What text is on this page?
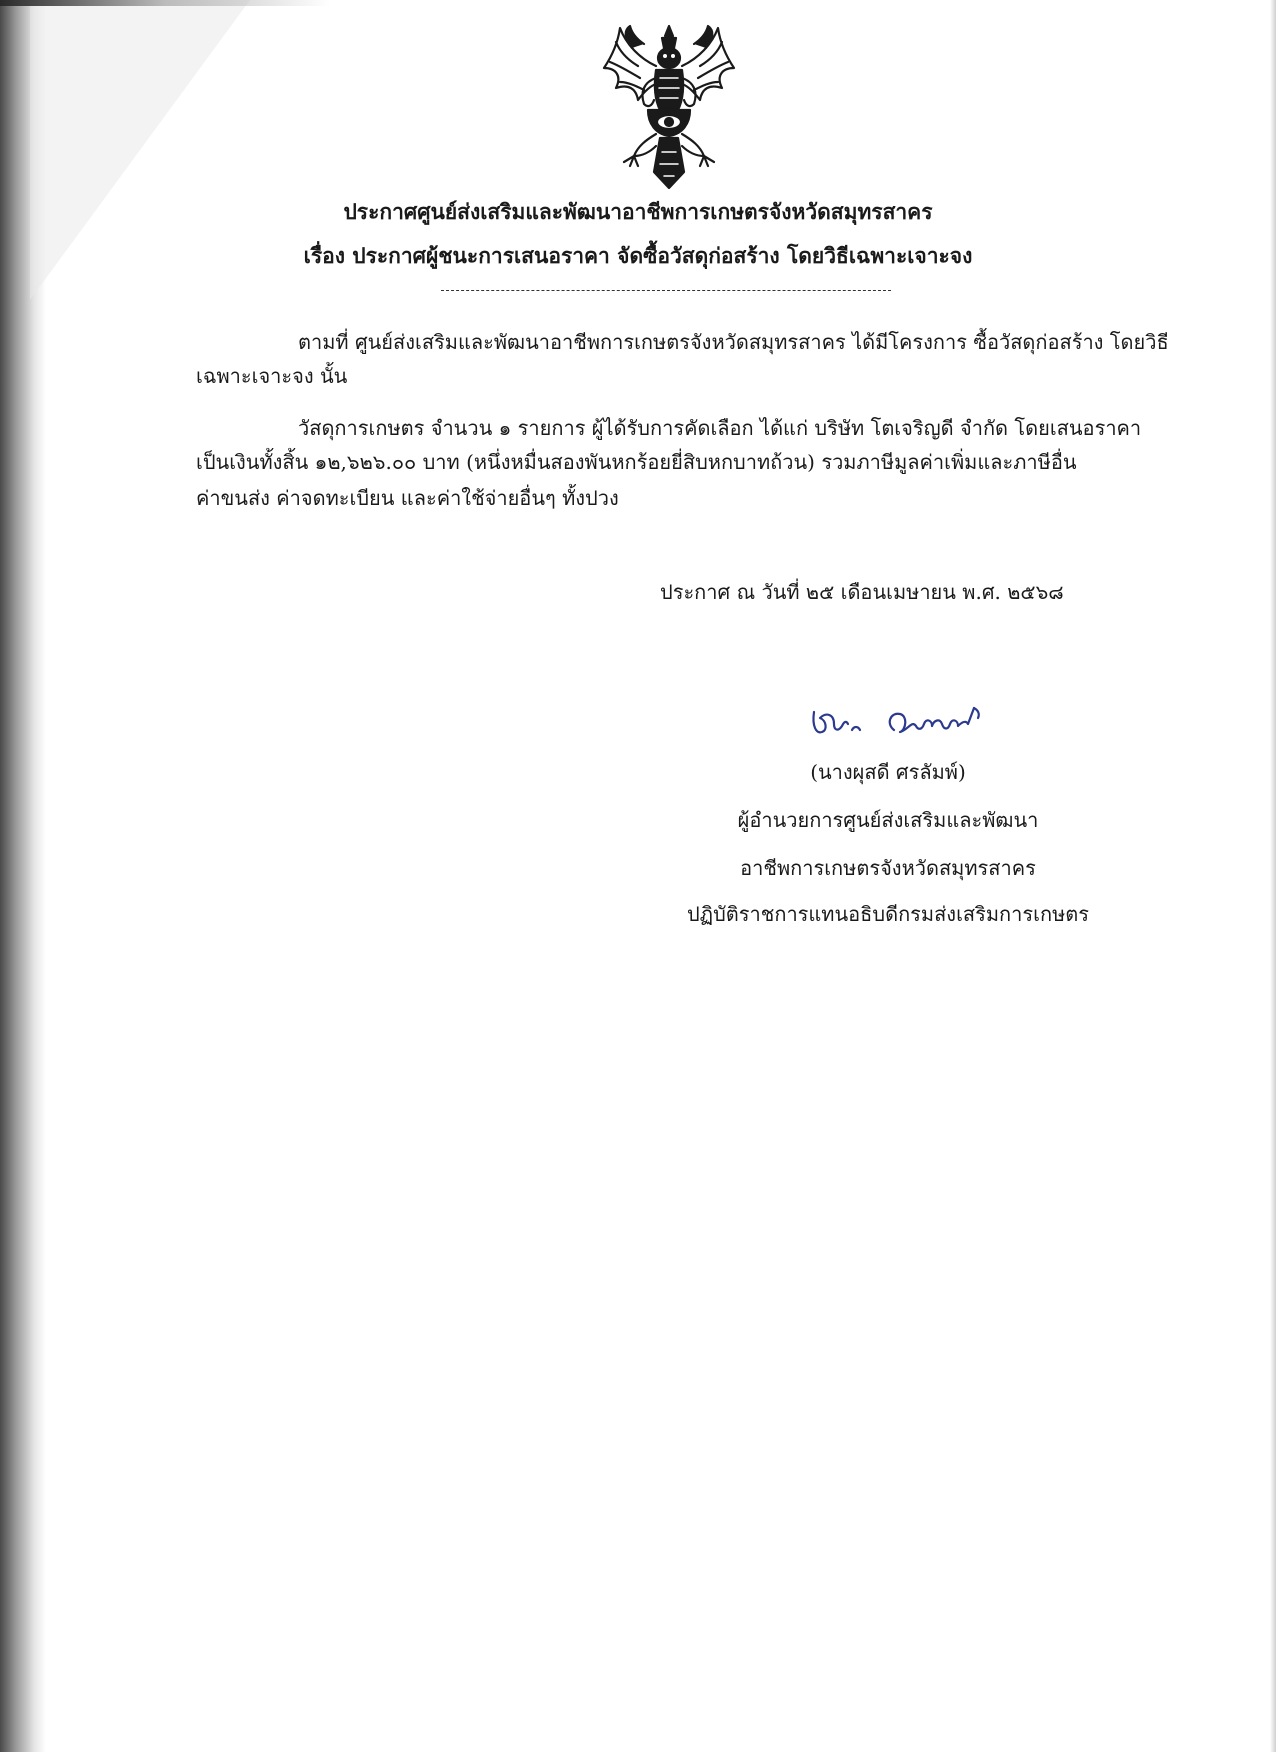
ประกาศศูนย์ส่งเสริมและพัฒนาอาชีพการเกษตรจังหวัดสมุทรสาคร
เรื่อง ประกาศผู้ชนะการเสนอราคา จัดซื้อวัสดุก่อสร้าง โดยวิธีเฉพาะเจาะจง
ตามที่ ศูนย์ส่งเสริมและพัฒนาอาชีพการเกษตรจังหวัดสมุทรสาคร ได้มีโครงการ ซื้อวัสดุก่อสร้าง โดยวิธี
เฉพาะเจาะจง นั้น
วัสดุการเกษตร จำนวน ๑ รายการ ผู้ได้รับการคัดเลือก ได้แก่ บริษัท โตเจริญดี จำกัด โดยเสนอราคา
เป็นเงินทั้งสิ้น ๑๒,๖๒๖.๐๐ บาท (หนึ่งหมื่นสองพันหกร้อยยี่สิบหกบาทถ้วน) รวมภาษีมูลค่าเพิ่มและภาษีอื่น
ค่าขนส่ง ค่าจดทะเบียน และค่าใช้จ่ายอื่นๆ ทั้งปวง
ประกาศ ณ วันที่ ๒๕ เดือนเมษายน พ.ศ. ๒๕๖๘
(นางผุสดี ศรลัมพ์)
ผู้อำนวยการศูนย์ส่งเสริมและพัฒนา
อาชีพการเกษตรจังหวัดสมุทรสาคร
ปฏิบัติราชการแทนอธิบดีกรมส่งเสริมการเกษตร
